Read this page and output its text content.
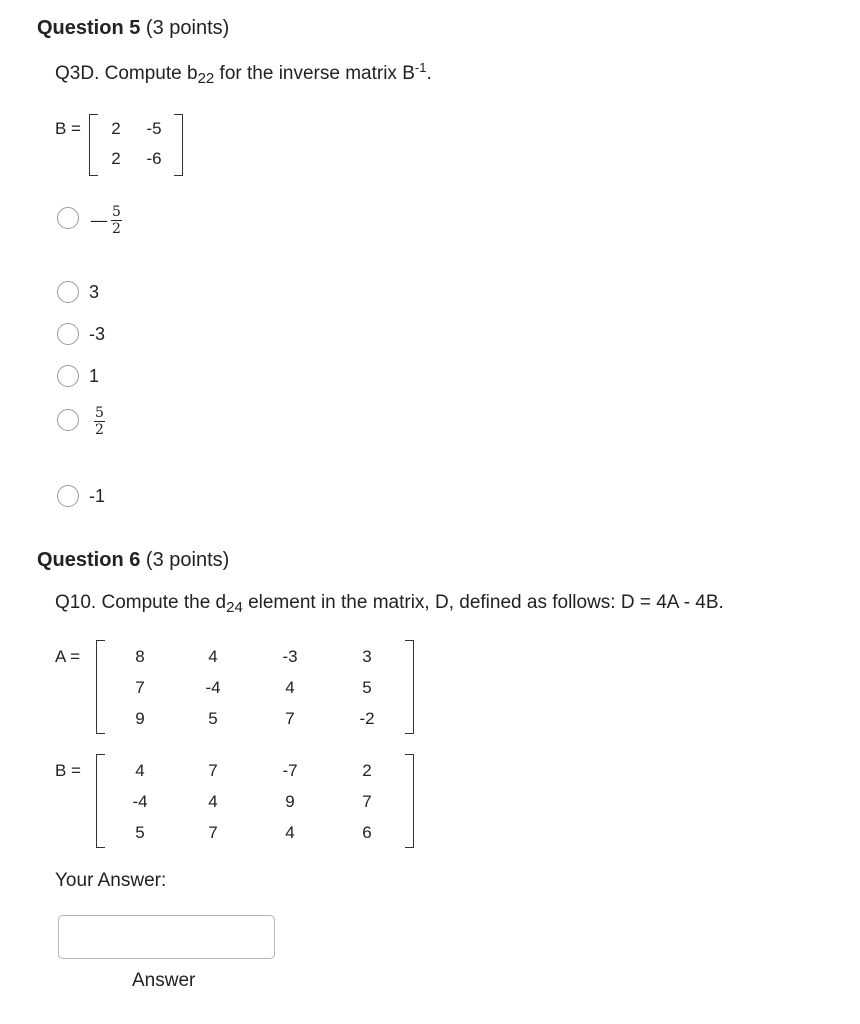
Question 5 (3 points)
Q3D. Compute $b_{22}$ for the inverse matrix $B^{-1}$.
B =	2	-5
2	-6
— $\frac{5}{2}$
3
-3
1
$\frac{5}{2}$
-1
Question 6 (3 points)
Q10. Compute the $d_{24}$ element in the matrix, D, defined as follows: D = 4A - 4B.
A =	8	4	-3	3
7	-4	4	5
9	5	7	-2
B =	4	7	-7	2
-4	4	9	7
5	7	4	6
Your Answer:
Answer
